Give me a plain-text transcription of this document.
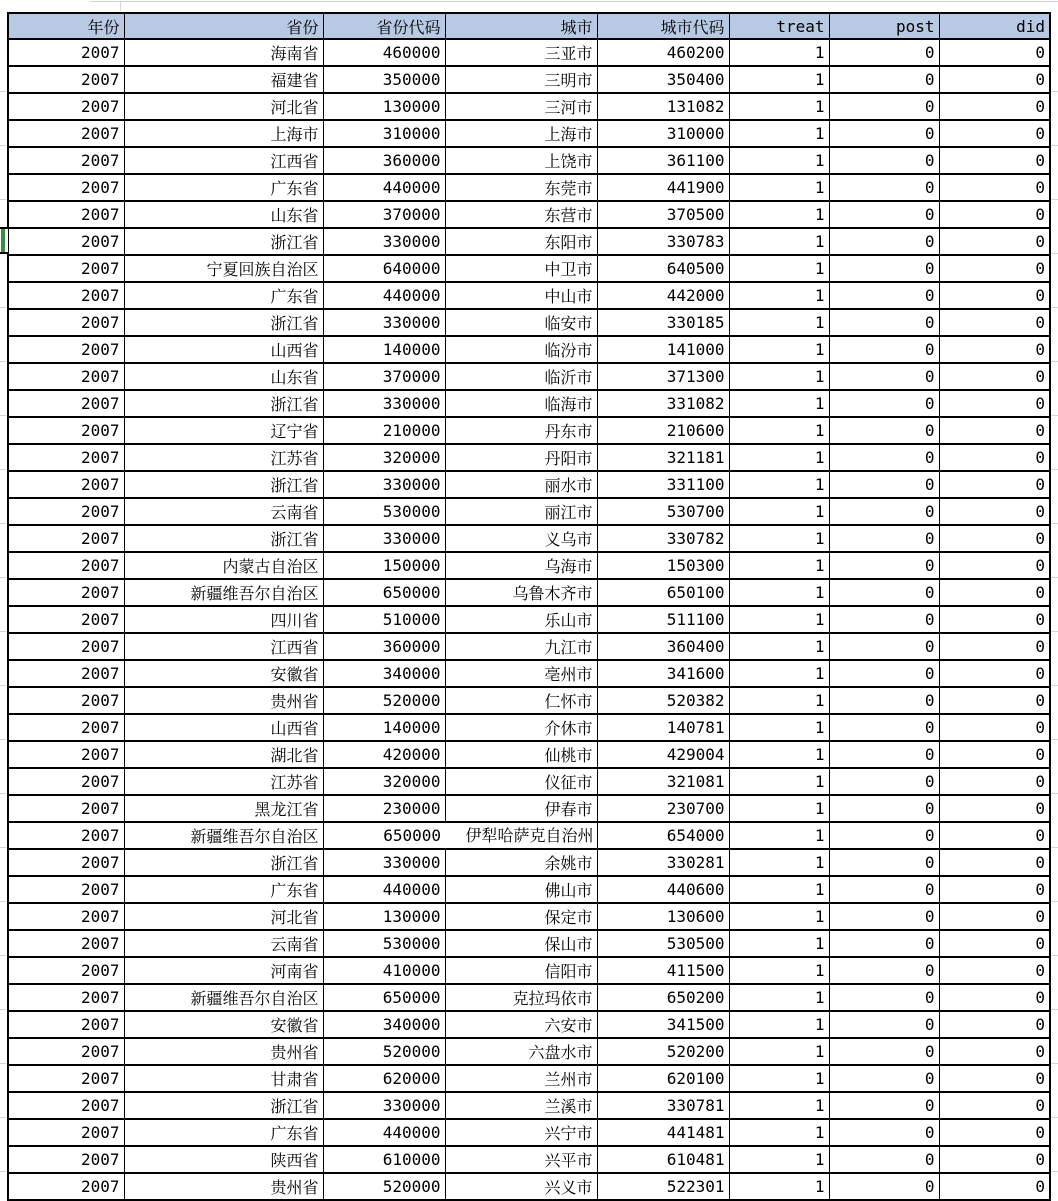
年份	省份	省份代码	城市	城市代码	treat	post	did
2007	海南省	460000	三亚市	460200	1	0	0
2007	福建省	350000	三明市	350400	1	0	0
2007	河北省	130000	三河市	131082	1	0	0
2007	上海市	310000	上海市	310000	1	0	0
2007	江西省	360000	上饶市	361100	1	0	0
2007	广东省	440000	东莞市	441900	1	0	0
2007	山东省	370000	东营市	370500	1	0	0
2007	浙江省	330000	东阳市	330783	1	0	0
2007	宁夏回族自治区	640000	中卫市	640500	1	0	0
2007	广东省	440000	中山市	442000	1	0	0
2007	浙江省	330000	临安市	330185	1	0	0
2007	山西省	140000	临汾市	141000	1	0	0
2007	山东省	370000	临沂市	371300	1	0	0
2007	浙江省	330000	临海市	331082	1	0	0
2007	辽宁省	210000	丹东市	210600	1	0	0
2007	江苏省	320000	丹阳市	321181	1	0	0
2007	浙江省	330000	丽水市	331100	1	0	0
2007	云南省	530000	丽江市	530700	1	0	0
2007	浙江省	330000	义乌市	330782	1	0	0
2007	内蒙古自治区	150000	乌海市	150300	1	0	0
2007	新疆维吾尔自治区	650000	乌鲁木齐市	650100	1	0	0
2007	四川省	510000	乐山市	511100	1	0	0
2007	江西省	360000	九江市	360400	1	0	0
2007	安徽省	340000	亳州市	341600	1	0	0
2007	贵州省	520000	仁怀市	520382	1	0	0
2007	山西省	140000	介休市	140781	1	0	0
2007	湖北省	420000	仙桃市	429004	1	0	0
2007	江苏省	320000	仪征市	321081	1	0	0
2007	黑龙江省	230000	伊春市	230700	1	0	0
2007	新疆维吾尔自治区	650000	伊犁哈萨克自治州	654000	1	0	0
2007	浙江省	330000	余姚市	330281	1	0	0
2007	广东省	440000	佛山市	440600	1	0	0
2007	河北省	130000	保定市	130600	1	0	0
2007	云南省	530000	保山市	530500	1	0	0
2007	河南省	410000	信阳市	411500	1	0	0
2007	新疆维吾尔自治区	650000	克拉玛依市	650200	1	0	0
2007	安徽省	340000	六安市	341500	1	0	0
2007	贵州省	520000	六盘水市	520200	1	0	0
2007	甘肃省	620000	兰州市	620100	1	0	0
2007	浙江省	330000	兰溪市	330781	1	0	0
2007	广东省	440000	兴宁市	441481	1	0	0
2007	陕西省	610000	兴平市	610481	1	0	0
2007	贵州省	520000	兴义市	522301	1	0	0
